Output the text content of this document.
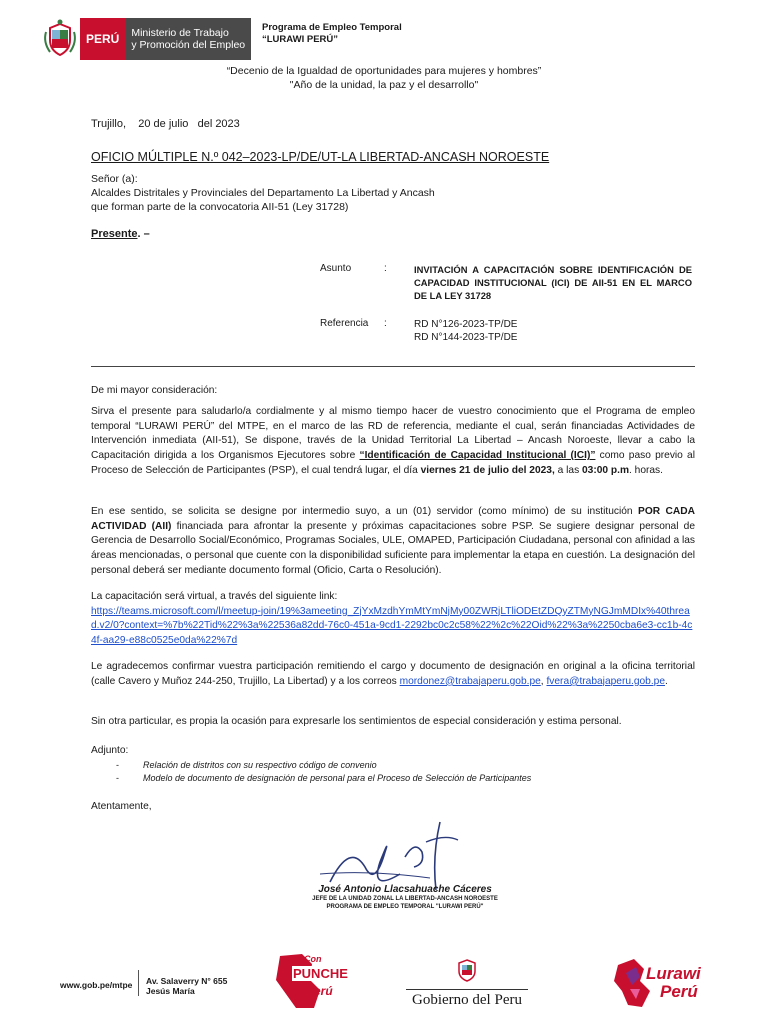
PERÚ	Ministerio de Trabajo
y Promoción del Empleo
Programa de Empleo Temporal
“LURAWI PERÚ”
“Decenio de la Igualdad de oportunidades para mujeres y hombres”
"Año de la unidad, la paz y el desarrollo"
Trujillo,    20 de julio   del 2023
OFICIO MÚLTIPLE N.º 042–2023-LP/DE/UT-LA LIBERTAD-ANCASH NOROESTE
Señor (a):
Alcaldes Distritales y Provinciales del Departamento La Libertad y Ancash
que forman parte de la convocatoria AII-51 (Ley 31728)
Presente. –
Asunto	:	INVITACIÓN A CAPACITACIÓN SOBRE IDENTIFICACIÓN DE CAPACIDAD INSTITUCIONAL (ICI) DE AII-51 EN EL MARCO DE LA LEY 31728
Referencia :	RD N°126-2023-TP/DE
RD N°144-2023-TP/DE
De mi mayor consideración:
Sirva el presente para saludarlo/a cordialmente y al mismo tiempo hacer de vuestro conocimiento que el Programa de empleo temporal “LURAWI PERÚ” del MTPE, en el marco de las RD de referencia, mediante el cual, serán financiadas Actividades de Intervención inmediata (AII-51), Se dispone, través de la Unidad Territorial La Libertad – Ancash Noroeste, llevar a cabo la Capacitación dirigida a los Organismos Ejecutores sobre “Identificación de Capacidad Institucional (ICI)” como paso previo al Proceso de Selección de Participantes (PSP), el cual tendrá lugar, el día viernes 21 de julio del 2023, a las 03:00 p.m. horas.
En ese sentido, se solicita se designe por intermedio suyo, a un (01) servidor (como mínimo) de su institución POR CADA ACTIVIDAD (AII) financiada para afrontar la presente y próximas capacitaciones sobre PSP. Se sugiere designar personal de Gerencia de Desarrollo Social/Económico, Programas Sociales, ULE, OMAPED, Participación Ciudadana, personal con afinidad a las áreas mencionadas, o personal que cuente con la disponibilidad suficiente para implementar la etapa en cuestión. La designación del personal deberá ser mediante documento formal (Oficio, Carta o Resolución).
La capacitación será virtual, a través del siguiente link:
https://teams.microsoft.com/l/meetup-join/19%3ameeting_ZjYxMzdhYmMtYmNjMy00ZWRjLTliODEtZDQyZTMyNGJmMDIx%40thread.v2/0?context=%7b%22Tid%22%3a%22536a82dd-76c0-451a-9cd1-2292bc0c2c58%22%2c%22Oid%22%3a%2250cba6e3-cc1b-4c4f-aa29-e88c0525e0da%22%7d
Le agradecemos confirmar vuestra participación remitiendo el cargo y documento de designación en original a la oficina territorial (calle Cavero y Muñoz 244-250, Trujillo, La Libertad) y a los correos mordonez@trabajaperu.gob.pe, fvera@trabajaperu.gob.pe.
Sin otra particular, es propia la ocasión para expresarle los sentimientos de especial consideración y estima personal.
Adjunto:
-	Relación de distritos con su respectivo código de convenio
-	Modelo de documento de designación de personal para el Proceso de Selección de Participantes
Atentamente,
José Antonio Llacsahuache Cáceres
JEFE DE LA UNIDAD ZONAL LA LIBERTAD-ANCASH NOROESTE
PROGRAMA DE EMPLEO TEMPORAL "LURAWI PERÚ"
www.gob.pe/mtpe Av. Salaverry N° 655
Jesús María
Con
PUNCHE
Perú
Gobierno del Peru
Lurawi
Perú
